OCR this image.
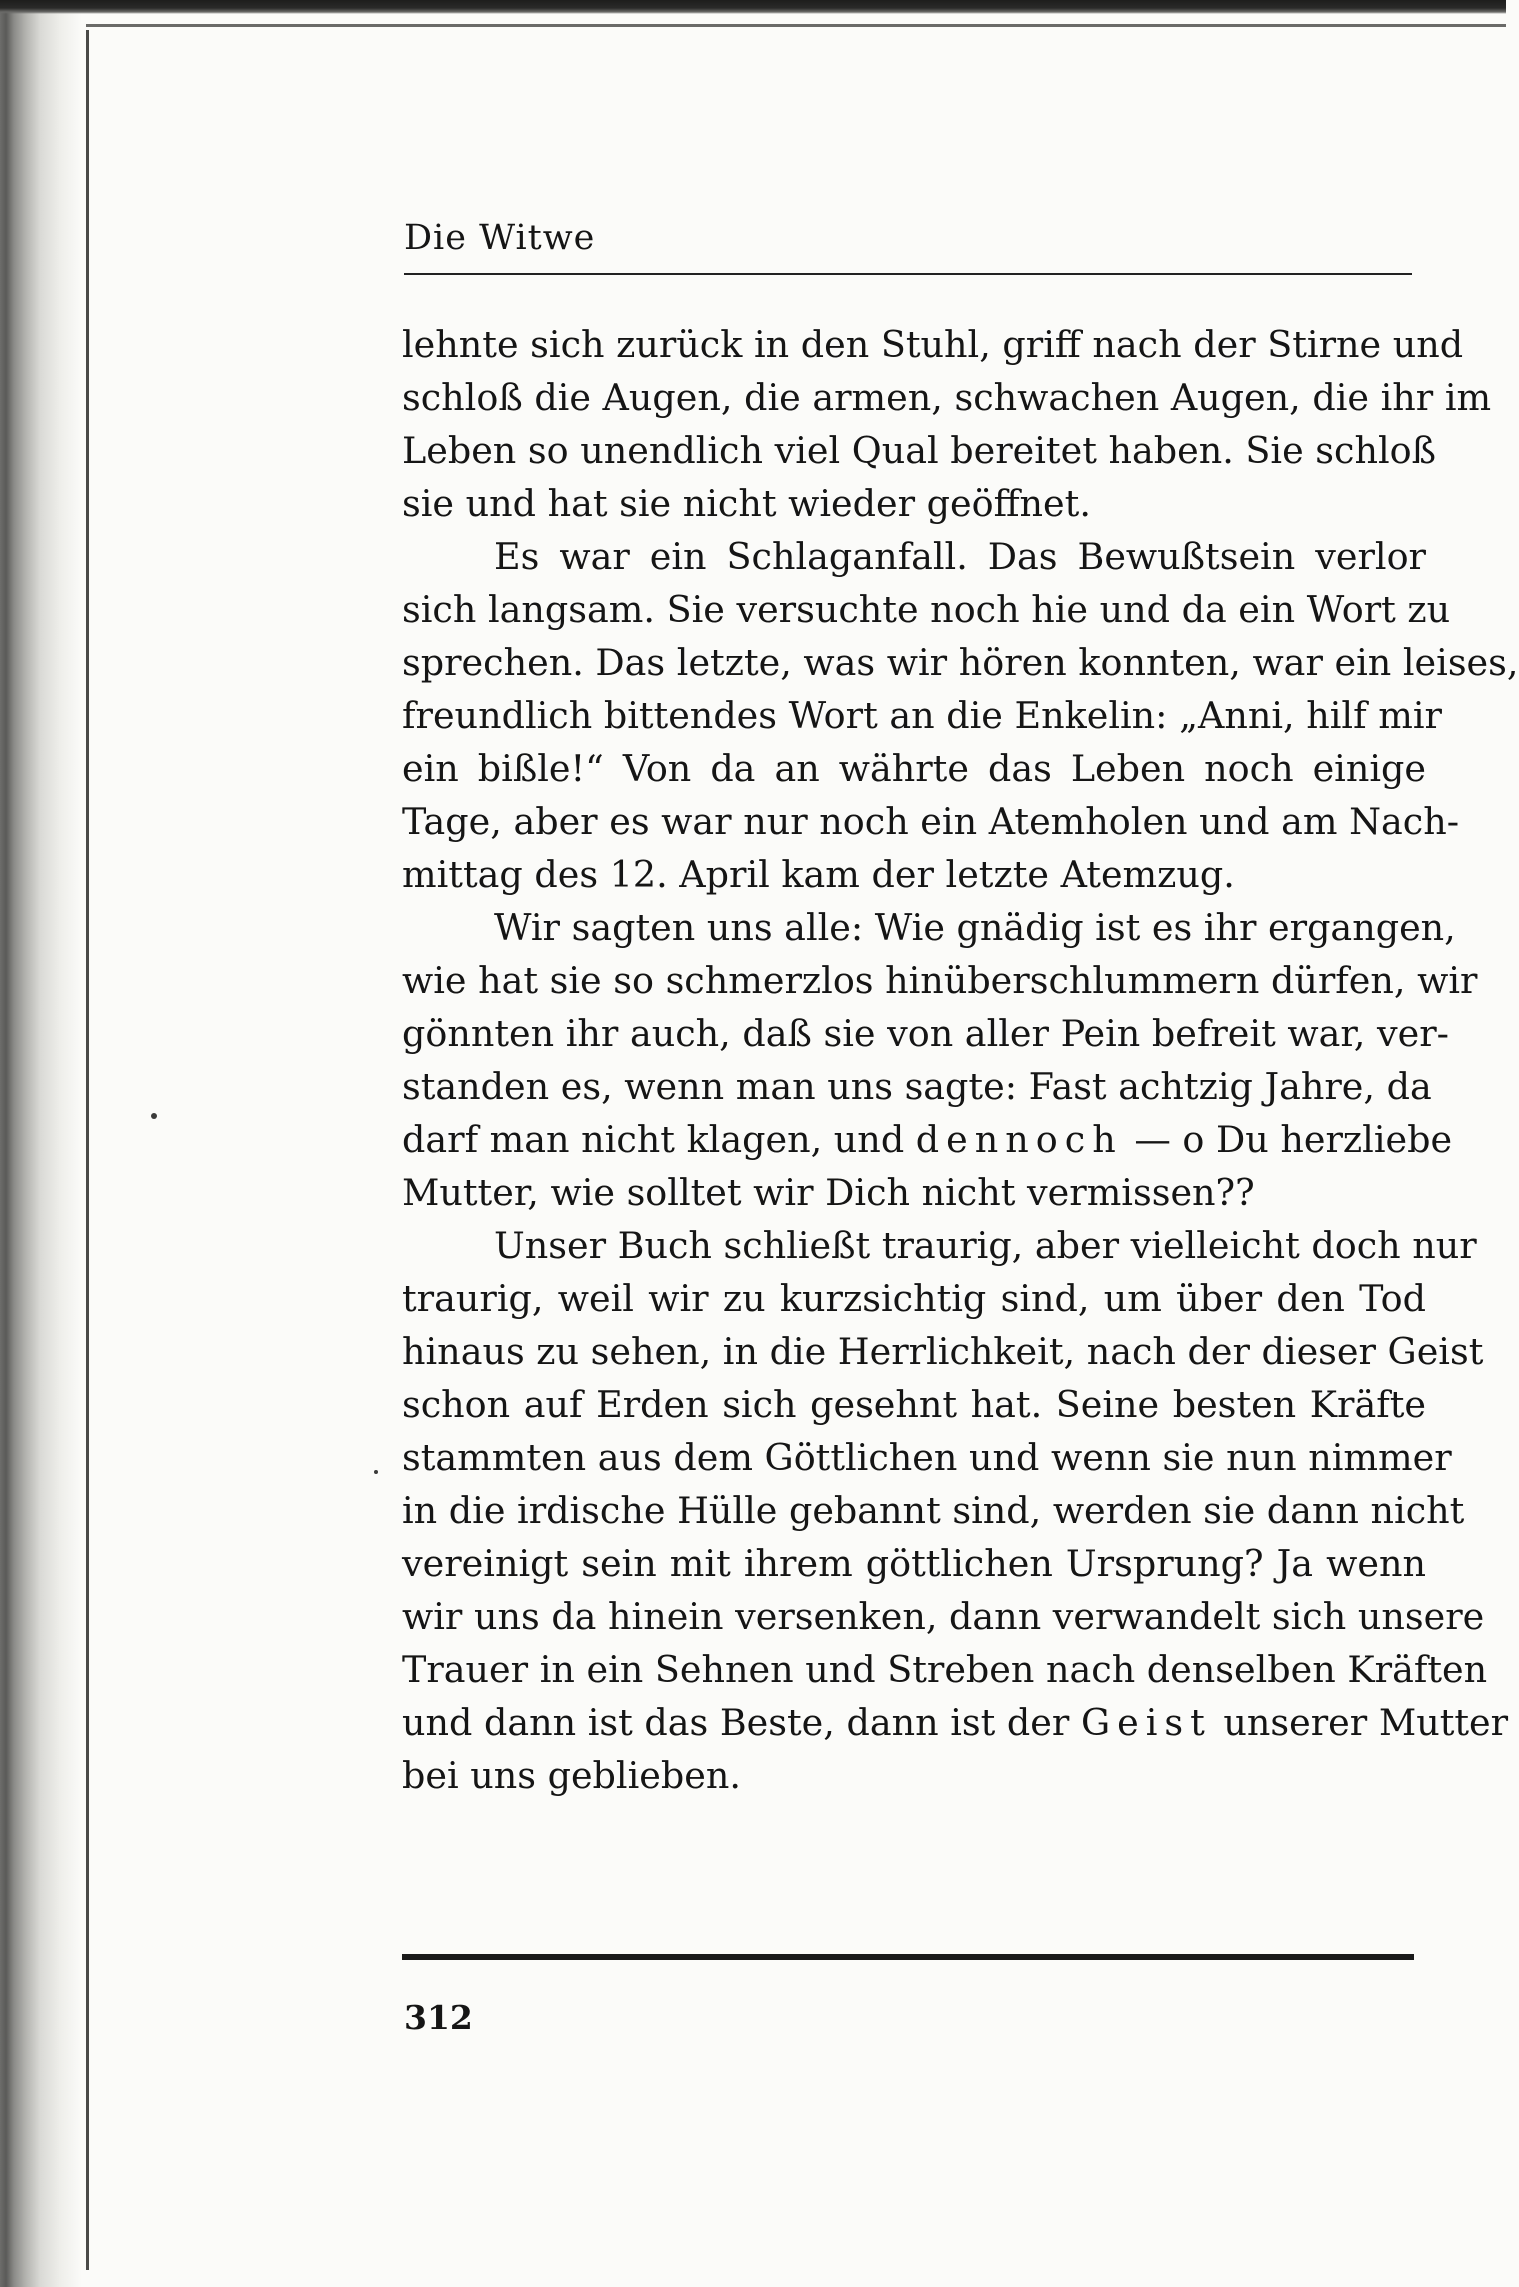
Die Witwe
lehnte sich zurück in den Stuhl, griff nach der Stirne und
schloß die Augen, die armen, schwachen Augen, die ihr im
Leben so unendlich viel Qual bereitet haben. Sie schloß
sie und hat sie nicht wieder geöffnet.
Es war ein Schlaganfall. Das Bewußtsein verlor
sich langsam. Sie versuchte noch hie und da ein Wort zu
sprechen. Das letzte, was wir hören konnten, war ein leises,
freundlich bittendes Wort an die Enkelin: „Anni, hilf mir
ein bißle!“ Von da an währte das Leben noch einige
Tage, aber es war nur noch ein Atemholen und am Nach-
mittag des 12. April kam der letzte Atemzug.
Wir sagten uns alle: Wie gnädig ist es ihr ergangen,
wie hat sie so schmerzlos hinüberschlummern dürfen, wir
gönnten ihr auch, daß sie von aller Pein befreit war, ver-
standen es, wenn man uns sagte: Fast achtzig Jahre, da
darf man nicht klagen, und dennoch — o Du herzliebe
Mutter, wie solltet wir Dich nicht vermissen??
Unser Buch schließt traurig, aber vielleicht doch nur
traurig, weil wir zu kurzsichtig sind, um über den Tod
hinaus zu sehen, in die Herrlichkeit, nach der dieser Geist
schon auf Erden sich gesehnt hat. Seine besten Kräfte
stammten aus dem Göttlichen und wenn sie nun nimmer
in die irdische Hülle gebannt sind, werden sie dann nicht
vereinigt sein mit ihrem göttlichen Ursprung? Ja wenn
wir uns da hinein versenken, dann verwandelt sich unsere
Trauer in ein Sehnen und Streben nach denselben Kräften
und dann ist das Beste, dann ist der Geist unserer Mutter
bei uns geblieben.
312
